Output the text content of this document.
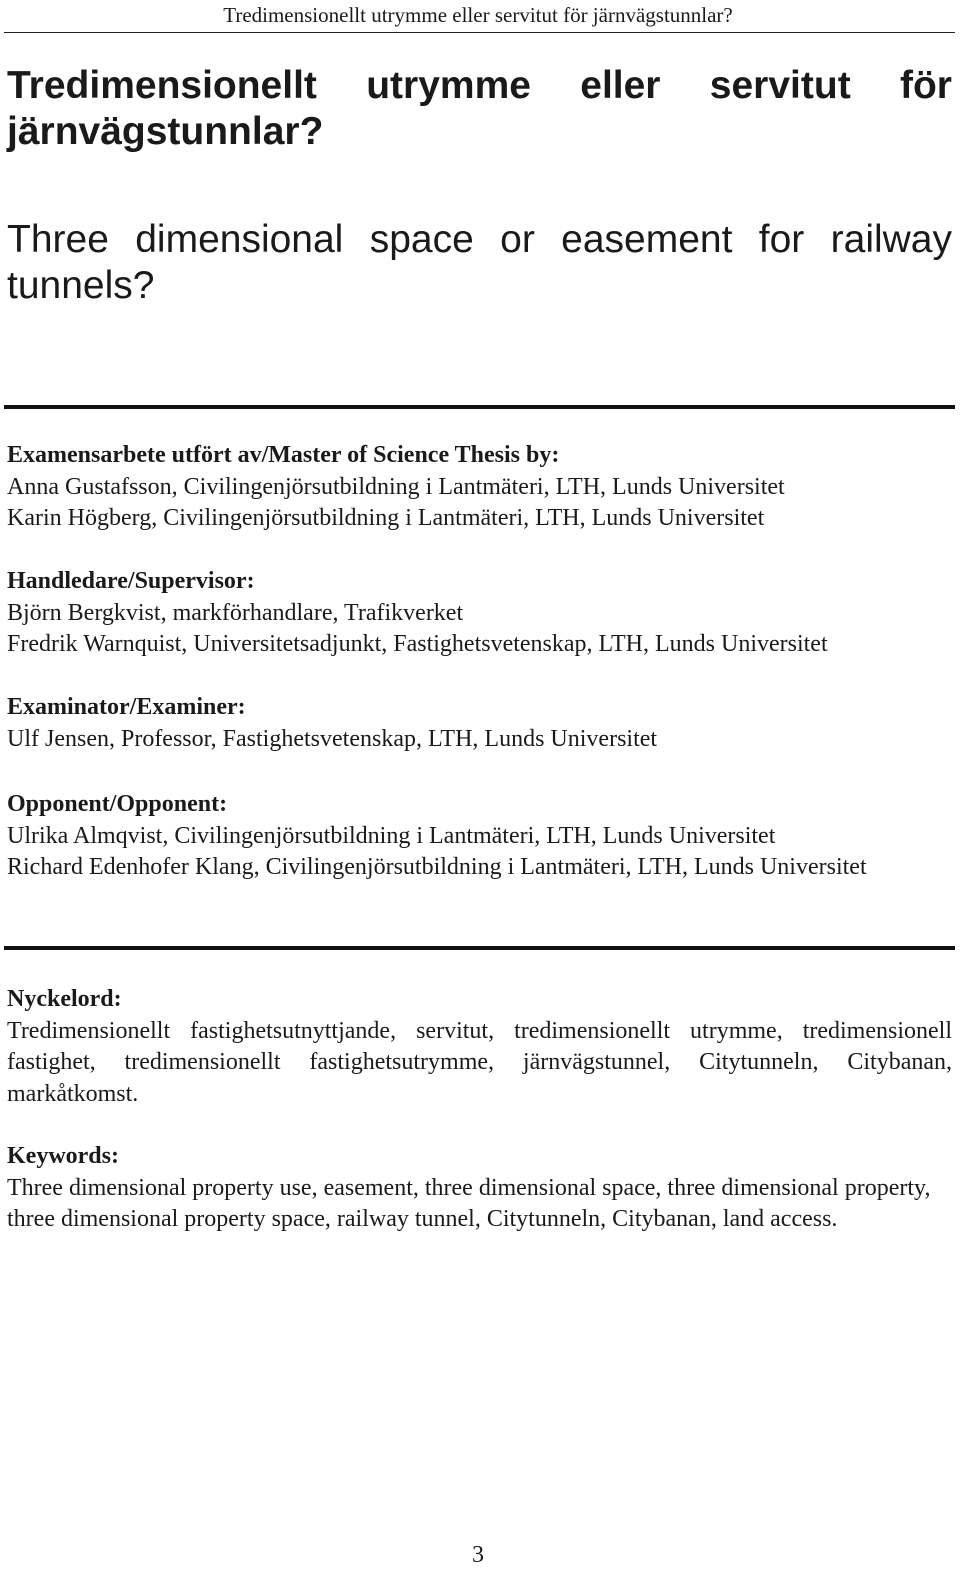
Tredimensionellt utrymme eller servitut för järnvägstunnlar?
Tredimensionellt utrymme eller servitut för järnvägstunnlar?
Three dimensional space or easement for railway tunnels?
Examensarbete utfört av/Master of Science Thesis by:
Anna Gustafsson, Civilingenjörsutbildning i Lantmäteri, LTH, Lunds Universitet
Karin Högberg, Civilingenjörsutbildning i Lantmäteri, LTH, Lunds Universitet
Handledare/Supervisor:
Björn Bergkvist, markförhandlare, Trafikverket
Fredrik Warnquist, Universitetsadjunkt, Fastighetsvetenskap, LTH, Lunds Universitet
Examinator/Examiner:
Ulf Jensen, Professor, Fastighetsvetenskap, LTH, Lunds Universitet
Opponent/Opponent:
Ulrika Almqvist, Civilingenjörsutbildning i Lantmäteri, LTH, Lunds Universitet
Richard Edenhofer Klang, Civilingenjörsutbildning i Lantmäteri, LTH, Lunds Universitet
Nyckelord:
Tredimensionellt fastighetsutnyttjande, servitut, tredimensionellt utrymme, tredimensionell fastighet, tredimensionellt fastighetsutrymme, järnvägstunnel, Citytunneln, Citybanan, markåtkomst.
Keywords:
Three dimensional property use, easement, three dimensional space, three dimensional property, three dimensional property space, railway tunnel, Citytunneln, Citybanan, land access.
3
